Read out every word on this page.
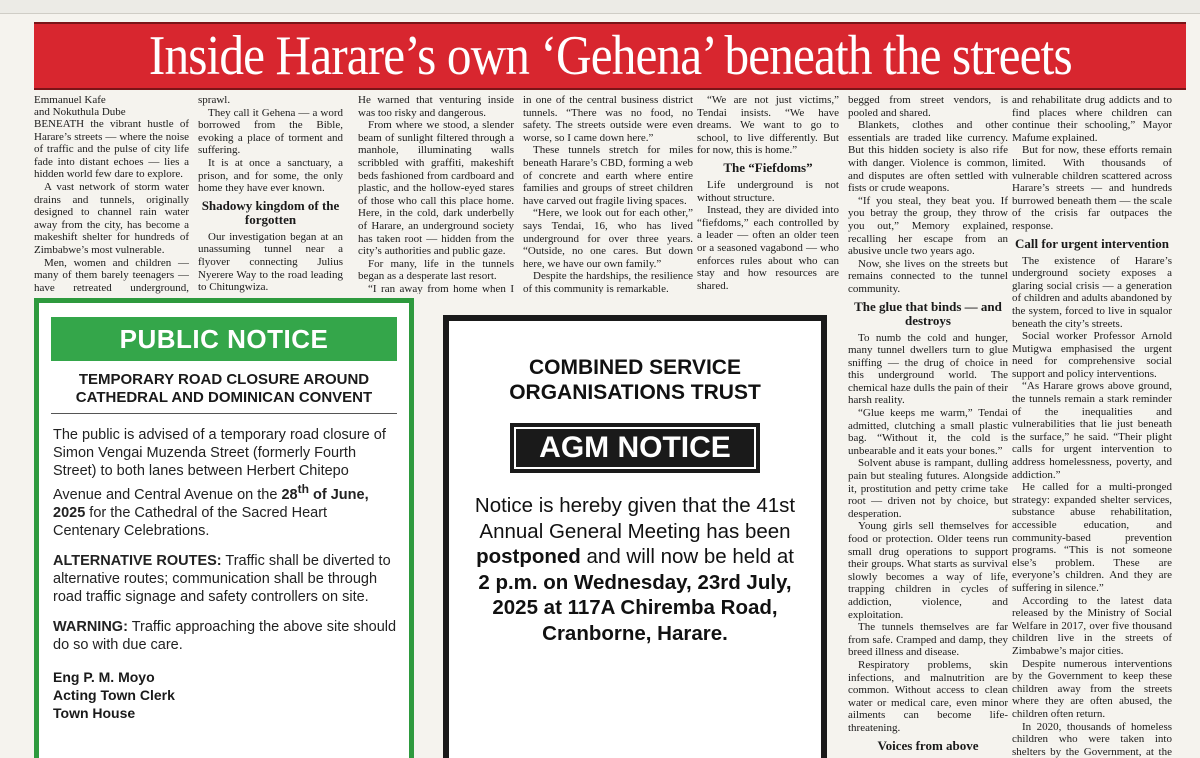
Inside Harare’s own ‘Gehena’ beneath the streets
Emmanuel Kafe
and Nokuthula Dube

BENEATH the vibrant hustle of Harare’s streets — where the noise of traffic and the pulse of city life fade into distant echoes — lies a hidden world few dare to explore.

A vast network of storm water drains and tunnels, originally designed to channel rain water away from the city, has become a makeshift shelter for hundreds of Zimbabwe’s most vulnerable.

Men, women and children — many of them barely teenagers — have retreated underground,

sprawl.

They call it Gehena — a word borrowed from the Bible, evoking a place of torment and suffering.

It is at once a sanctuary, a prison, and for some, the only home they have ever known.

Shadowy kingdom of the forgotten

Our investigation began at an unassuming tunnel near a flyover connecting Julius Nyerere Way to the road leading to Chitungwiza.

He warned that venturing inside was too risky and dangerous.

From where we stood, a slender beam of sunlight filtered through a manhole, illuminating walls scribbled with graffiti, makeshift beds fashioned from cardboard and plastic, and the hollow-eyed stares of those who call this place home. Here, in the cold, dark underbelly of Harare, an underground society has taken root — hidden from the city’s authorities and public gaze.

For many, life in the tunnels began as a desperate last resort.

“I ran away from home when I

in one of the central business district tunnels. “There was no food, no safety. The streets outside were even worse, so I came down here.”

These tunnels stretch for miles beneath Harare’s CBD, forming a web of concrete and earth where entire families and groups of street children have carved out fragile living spaces.

“Here, we look out for each other,” says Tendai, 16, who has lived underground for over three years. “Outside, no one cares. But down here, we have our own family.”

Despite the hardships, the resilience of this community is remarkable.

“We are not just victims,” Tendai insists. “We have dreams. We want to go to school, to live differently. But for now, this is home.”

The “Fiefdoms”

Life underground is not without structure.

Instead, they are divided into “fiefdoms,” each controlled by a leader — often an older teen or a seasoned vagabond — who enforces rules about who can stay and how resources are shared.

begged from street vendors, is pooled and shared.

Blankets, clothes and other essentials are traded like currency. But this hidden society is also rife with danger. Violence is common, and disputes are often settled with fists or crude weapons.

“If you steal, they beat you. If you betray the group, they throw you out,” Memory explained, recalling her escape from an abusive uncle two years ago.

Now, she lives on the streets but remains connected to the tunnel community.

The glue that binds — and destroys

To numb the cold and hunger, many tunnel dwellers turn to glue sniffing — the drug of choice in this underground world. The chemical haze dulls the pain of their harsh reality.

“Glue keeps me warm,” Tendai admitted, clutching a small plastic bag. “Without it, the cold is unbearable and it eats your bones.”

Solvent abuse is rampant, dulling pain but stealing futures. Alongside it, prostitution and petty crime take root — driven not by choice, but desperation.

Young girls sell themselves for food or protection. Older teens run small drug operations to support their groups. What starts as survival slowly becomes a way of life, trapping children in cycles of addiction, violence, and exploitation.

The tunnels themselves are far from safe. Cramped and damp, they breed illness and disease.

Respiratory problems, skin infections, and malnutrition are common. Without access to clean water or medical care, even minor ailments can become life-threatening.

Voices from above

and rehabilitate drug addicts and to find places where children can continue their schooling,” Mayor Mafume explained.

But for now, these efforts remain limited. With thousands of vulnerable children scattered across Harare’s streets — and hundreds burrowed beneath them — the scale of the crisis far outpaces the response.

Call for urgent intervention

The existence of Harare’s underground society exposes a glaring social crisis — a generation of children and adults abandoned by the system, forced to live in squalor beneath the city’s streets.

Social worker Professor Arnold Mutigwa emphasised the urgent need for comprehensive social support and policy interventions.

“As Harare grows above ground, the tunnels remain a stark reminder of the inequalities and vulnerabilities that lie just beneath the surface,” he said. “Their plight calls for urgent intervention to address homelessness, poverty, and addiction.”

He called for a multi-pronged strategy: expanded shelter services, substance abuse rehabilitation, accessible education, and community-based prevention programs. “This is not someone else’s problem. These are everyone’s children. And they are suffering in silence.”

According to the latest data released by the Ministry of Social Welfare in 2017, over five thousand children live in the streets of Zimbabwe’s major cities.

Despite numerous interventions by the Government to keep these children away from the streets where they are often abused, the children often return.

In 2020, thousands of homeless children who were taken into shelters by the Government, at the

PUBLIC NOTICE
TEMPORARY ROAD CLOSURE AROUND CATHEDRAL AND DOMINICAN CONVENT
The public is advised of a temporary road closure of Simon Vengai Muzenda Street (formerly Fourth Street) to both lanes between Herbert Chitepo Avenue and Central Avenue on the 28th of June, 2025 for the Cathedral of the Sacred Heart Centenary Celebrations.
ALTERNATIVE ROUTES: Traffic shall be diverted to alternative routes; communication shall be through road traffic signage and safety controllers on site.
WARNING: Traffic approaching the above site should do so with due care.
Eng P. M. Moyo
Acting Town Clerk
Town House
COMBINED SERVICE
ORGANISATIONS TRUST
AGM NOTICE
Notice is hereby given that the 41st Annual General Meeting has been postponed and will now be held at 2 p.m. on Wednesday, 23rd July, 2025 at 117A Chiremba Road, Cranborne, Harare.
